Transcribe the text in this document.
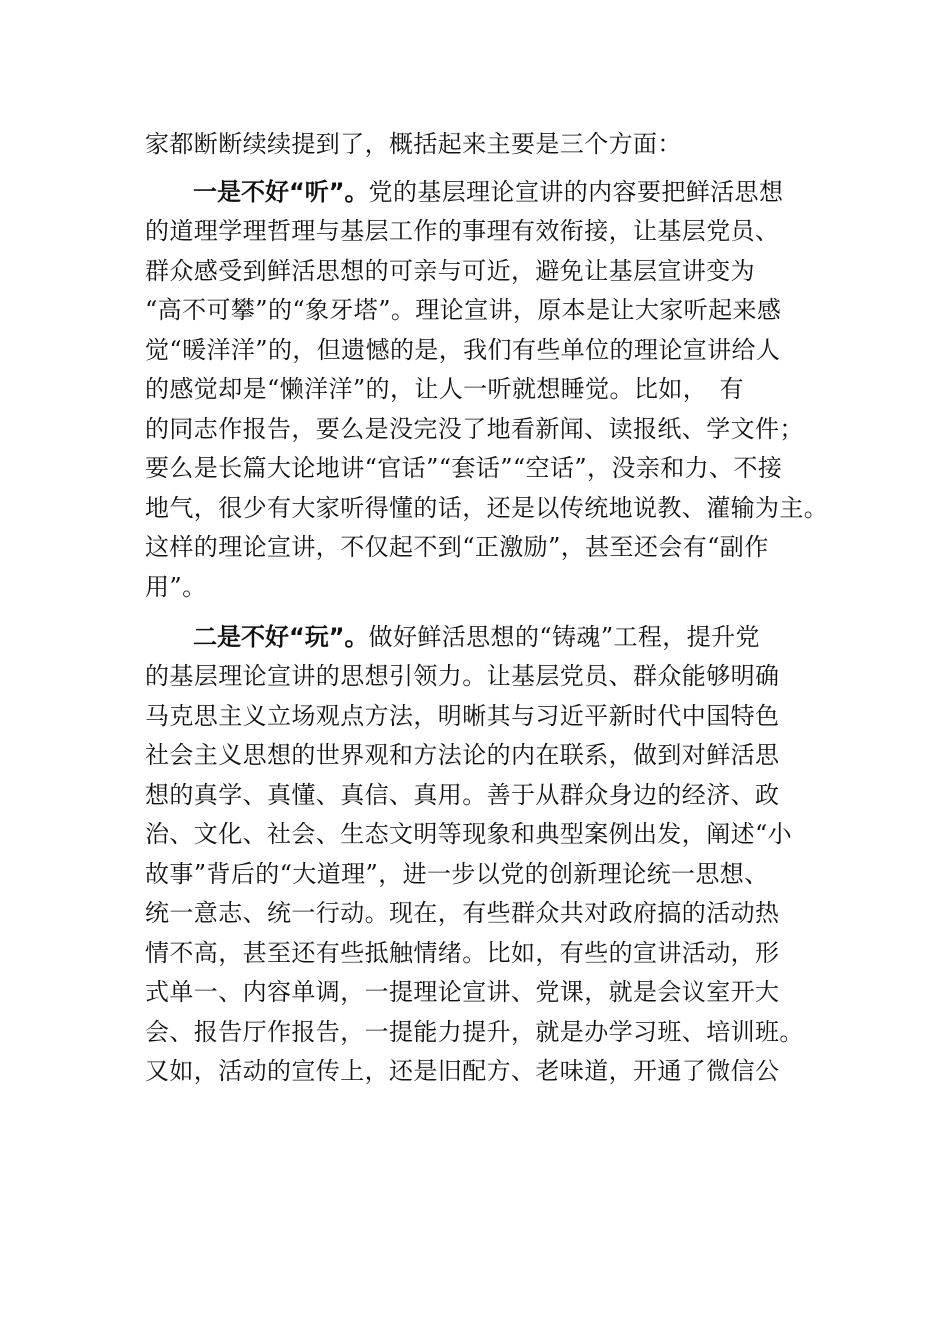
家都断断续续提到了，概括起来主要是三个方面：
一是不好“听”。党的基层理论宣讲的内容要把鲜活思想
的道理学理哲理与基层工作的事理有效衔接，让基层党员、
群众感受到鲜活思想的可亲与可近，避免让基层宣讲变为
“高不可攀”的“象牙塔”。理论宣讲，原本是让大家听起来感
觉“暖洋洋”的，但遗憾的是，我们有些单位的理论宣讲给人
的感觉却是“懒洋洋”的，让人一听就想睡觉。比如，　有
的同志作报告，要么是没完没了地看新闻、读报纸、学文件；
要么是长篇大论地讲“官话”“套话”“空话”，没亲和力、不接
地气，很少有大家听得懂的话，还是以传统地说教、灌输为主。
这样的理论宣讲，不仅起不到“正激励”，甚至还会有“副作
用”。
二是不好“玩”。做好鲜活思想的“铸魂”工程，提升党
的基层理论宣讲的思想引领力。让基层党员、群众能够明确
马克思主义立场观点方法，明晰其与习近平新时代中国特色
社会主义思想的世界观和方法论的内在联系，做到对鲜活思
想的真学、真懂、真信、真用。善于从群众身边的经济、政
治、文化、社会、生态文明等现象和典型案例出发，阐述“小
故事”背后的“大道理”，进一步以党的创新理论统一思想、
统一意志、统一行动。现在，有些群众共对政府搞的活动热
情不高，甚至还有些抵触情绪。比如，有些的宣讲活动，形
式单一、内容单调，一提理论宣讲、党课，就是会议室开大
会、报告厅作报告，一提能力提升，就是办学习班、培训班。
又如，活动的宣传上，还是旧配方、老味道，开通了微信公
